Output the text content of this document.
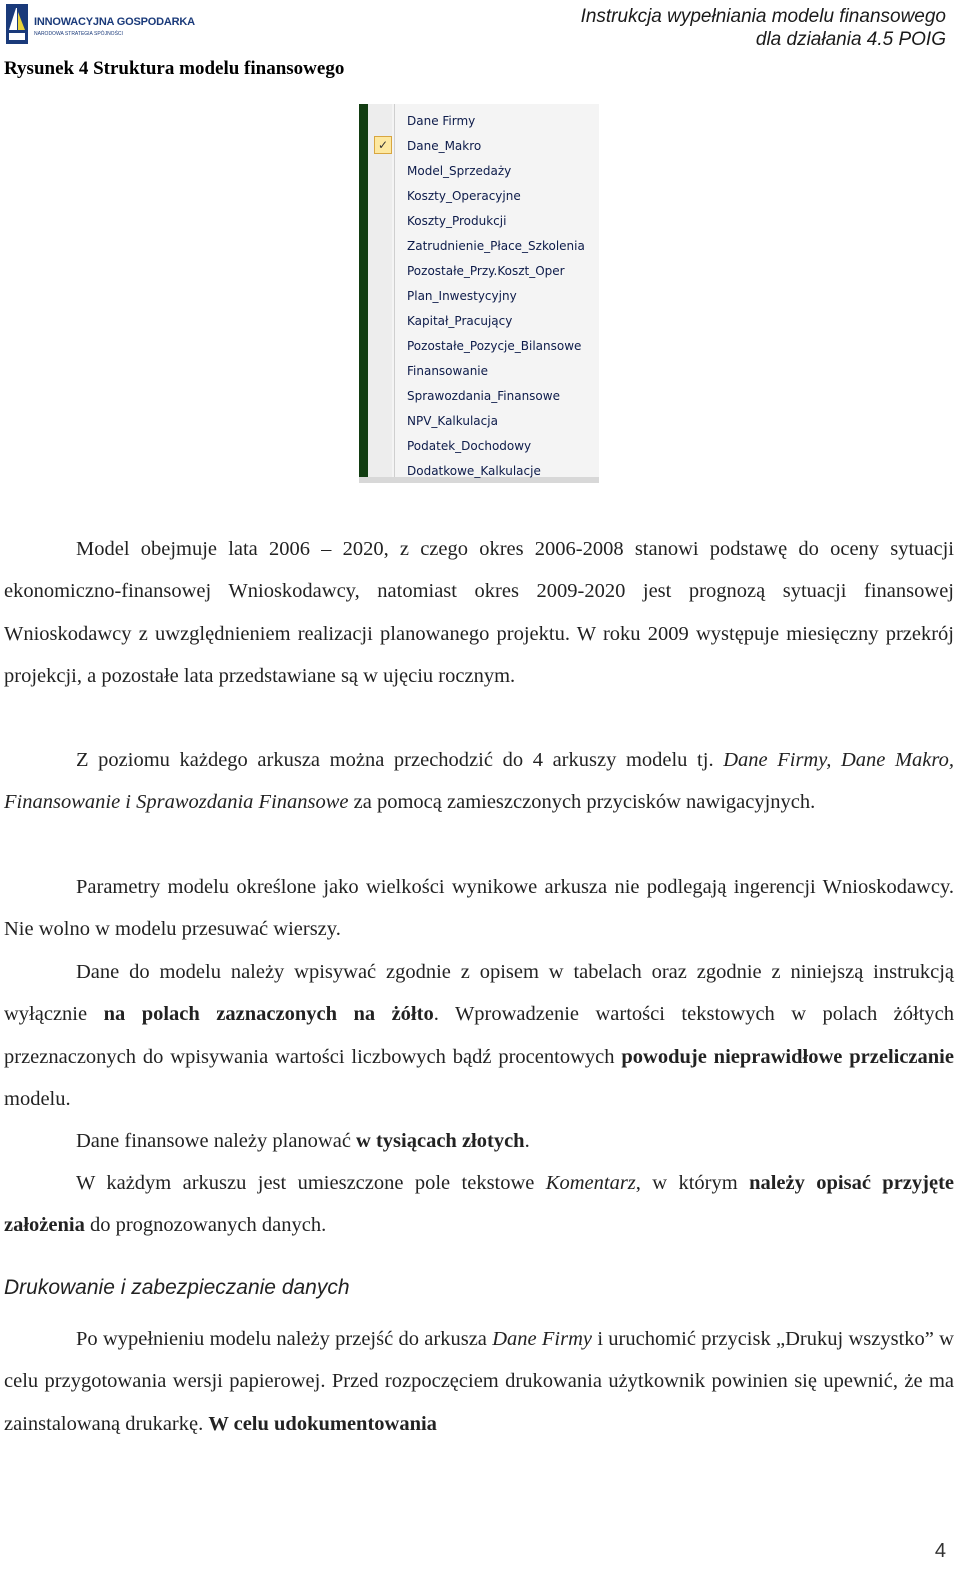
INNOWACYJNA GOSPODARKA
NARODOWA STRATEGIA SPÓJNOŚCI
Instrukcja wypełniania modelu finansowego
dla działania 4.5 POIG
Rysunek 4 Struktura modelu finansowego
Dane Firmy
✓	Dane_Makro
Model_Sprzedaży
Koszty_Operacyjne
Koszty_Produkcji
Zatrudnienie_Płace_Szkolenia
Pozostałe_Przy.Koszt_Oper
Plan_Inwestycyjny
Kapitał_Pracujący
Pozostałe_Pozycje_Bilansowe
Finansowanie
Sprawozdania_Finansowe
NPV_Kalkulacja
Podatek_Dochodowy
Dodatkowe_Kalkulacje

Model obejmuje lata 2006 – 2020, z czego okres 2006-2008 stanowi podstawę do oceny sytuacji ekonomiczno-finansowej Wnioskodawcy, natomiast okres 2009-2020 jest prognozą sytuacji finansowej Wnioskodawcy z uwzględnieniem realizacji planowanego projektu. W roku 2009 występuje miesięczny przekrój projekcji, a pozostałe lata przedstawiane są w ujęciu rocznym.

Z poziomu każdego arkusza można przechodzić do 4 arkuszy modelu tj. Dane Firmy, Dane Makro, Finansowanie i Sprawozdania Finansowe za pomocą zamieszczonych przycisków nawigacyjnych.

Parametry modelu określone jako wielkości wynikowe arkusza nie podlegają ingerencji Wnioskodawcy. Nie wolno w modelu przesuwać wierszy.

Dane do modelu należy wpisywać zgodnie z opisem w tabelach oraz zgodnie z niniejszą instrukcją wyłącznie na polach zaznaczonych na żółto. Wprowadzenie wartości tekstowych w polach żółtych przeznaczonych do wpisywania wartości liczbowych bądź procentowych powoduje nieprawidłowe przeliczanie modelu.

Dane finansowe należy planować w tysiącach złotych.

W każdym arkuszu jest umieszczone pole tekstowe Komentarz, w którym należy opisać przyjęte założenia do prognozowanych danych.

Drukowanie i zabezpieczanie danych

Po wypełnieniu modelu należy przejść do arkusza Dane Firmy i uruchomić przycisk „Drukuj wszystko” w celu przygotowania wersji papierowej. Przed rozpoczęciem drukowania użytkownik powinien się upewnić, że ma zainstalowaną drukarkę. W celu udokumentowania

4
